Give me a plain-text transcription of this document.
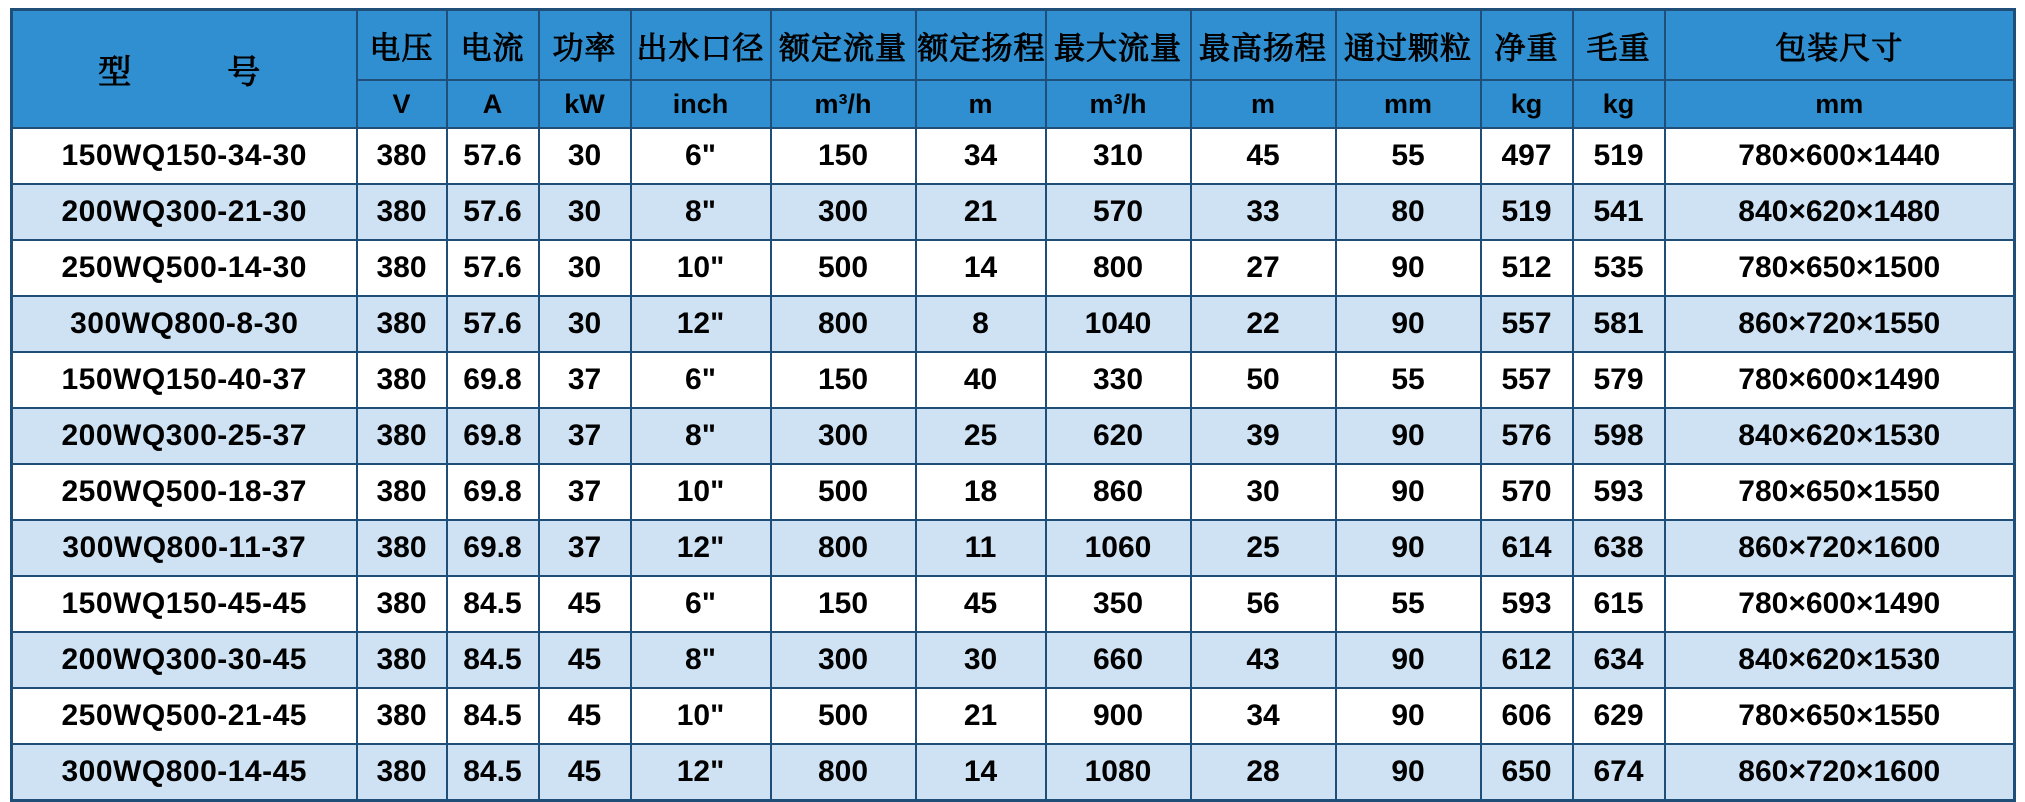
型　　号	电压	电流	功率	出水口径	额定流量	额定扬程	最大流量	最高扬程	通过颗粒	净重	毛重	包装尺寸
	V	A	kW	inch	m³/h	m	m³/h	m	mm	kg	kg	mm
150WQ150-34-30	380	57.6	30	6"	150	34	310	45	55	497	519	780×600×1440
200WQ300-21-30	380	57.6	30	8"	300	21	570	33	80	519	541	840×620×1480
250WQ500-14-30	380	57.6	30	10"	500	14	800	27	90	512	535	780×650×1500
300WQ800-8-30	380	57.6	30	12"	800	8	1040	22	90	557	581	860×720×1550
150WQ150-40-37	380	69.8	37	6"	150	40	330	50	55	557	579	780×600×1490
200WQ300-25-37	380	69.8	37	8"	300	25	620	39	90	576	598	840×620×1530
250WQ500-18-37	380	69.8	37	10"	500	18	860	30	90	570	593	780×650×1550
300WQ800-11-37	380	69.8	37	12"	800	11	1060	25	90	614	638	860×720×1600
150WQ150-45-45	380	84.5	45	6"	150	45	350	56	55	593	615	780×600×1490
200WQ300-30-45	380	84.5	45	8"	300	30	660	43	90	612	634	840×620×1530
250WQ500-21-45	380	84.5	45	10"	500	21	900	34	90	606	629	780×650×1550
300WQ800-14-45	380	84.5	45	12"	800	14	1080	28	90	650	674	860×720×1600
